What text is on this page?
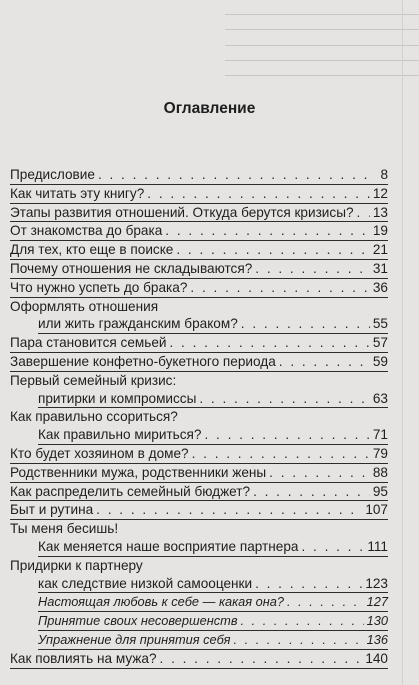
Оглавление
Предисловие . . .	8
Как читать эту книгу? . . .	12
Этапы развития отношений. Откуда берутся кризисы? . . . 13
От знакомства до брака . . .	19
Для тех, кто еще в поиске . . .	21
Почему отношения не складываются? . . .	31
Что нужно успеть до брака? . . .	36
Оформлять отношения
или жить гражданским браком? . . .	55
Пара становится семьей . . .	57
Завершение конфетно-букетного периода . . .	59
Первый семейный кризис:
притирки и компромиссы . . .	63
Как правильно ссориться?
Как правильно мириться? . . .	71
Кто будет хозяином в доме? . . .	79
Родственники мужа, родственники жены . . .	88
Как распределить семейный бюджет? . . .	95
Быт и рутина . . .	107
Ты меня бесишь!
Как меняется наше восприятие партнера . . .	111
Придирки к партнеру
как следствие низкой самооценки . . .	123
Настоящая любовь к себе — какая она? . . .	127
Принятие своих несовершенств . . .	130
Упражнение для принятия себя . . .	136
Как повлиять на мужа? . . .	140
